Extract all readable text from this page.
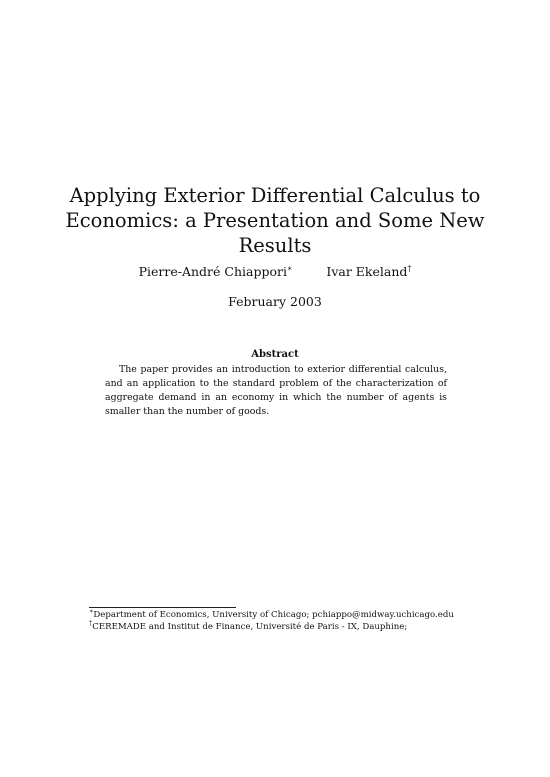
Applying Exterior Differential Calculus to Economics: a Presentation and Some New Results
Pierre-André Chiappori∗	Ivar Ekeland†
February 2003
Abstract

The paper provides an introduction to exterior differential calculus, and an application to the standard problem of the characterization of aggregate demand in an economy in which the number of agents is smaller than the number of goods.

∗Department of Economics, University of Chicago; pchiappo@midway.uchicago.edu
†CEREMADE and Institut de Finance, Université de Paris - IX, Dauphine;
